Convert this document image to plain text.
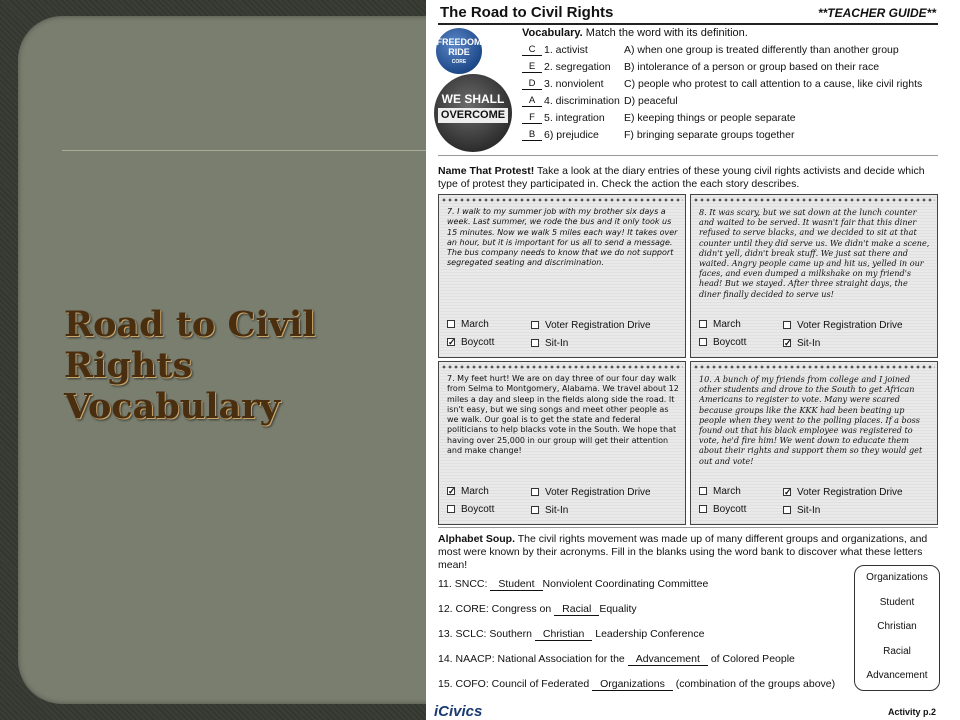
Road to Civil
Rights
Vocabulary
The Road to Civil Rights	**TEACHER GUIDE**
FREEDOM
RIDE
CORE
WE SHALL
OVERCOME
Vocabulary. Match the word with its definition.
C 1. activist	A) when one group is treated differently than another group
E 2. segregation B) intolerance of a person or group based on their race
D 3. nonviolent C) people who protest to call attention to a cause, like civil rights
A 4. discrimination D) peaceful
F 5. integration E) keeping things or people separate
B 6) prejudice F) bringing separate groups together
Name That Protest! Take a look at the diary entries of these young civil rights activists and decide which type of protest they participated in. Check the action the each story describes.
7. I walk to my summer job with my brother six days a week. Last summer, we rode the bus and it only took us 15 minutes. Now we walk 5 miles each way! It takes over an hour, but it is important for us all to send a message. The bus company needs to know that we do not support segregated seating and discrimination.
March
✓ Boycott
Voter Registration Drive
Sit-In
8. It was scary, but we sat down at the lunch counter and waited to be served. It wasn't fair that this diner refused to serve blacks, and we decided to sit at that counter until they did serve us. We didn't make a scene, didn't yell, didn't break stuff. We just sat there and waited. Angry people came up and hit us, yelled in our faces, and even dumped a milkshake on my friend's head! But we stayed. After three straight days, the diner finally decided to serve us!
March
Boycott
Voter Registration Drive
✓ Sit-In
7. My feet hurt! We are on day three of our four day walk from Selma to Montgomery, Alabama. We travel about 12 miles a day and sleep in the fields along side the road. It isn't easy, but we sing songs and meet other people as we walk. Our goal is to get the state and federal politicians to help blacks vote in the South. We hope that having over 25,000 in our group will get their attention and make change!
✓ March
Boycott
Voter Registration Drive
Sit-In
10. A bunch of my friends from college and I joined other students and drove to the South to get African Americans to register to vote. Many were scared because groups like the KKK had been beating up people when they went to the polling places. If a boss found out that his black employee was registered to vote, he'd fire him! We went down to educate them about their rights and support them so they would get out and vote!
March
Boycott
✓ Voter Registration Drive
Sit-In
Alphabet Soup. The civil rights movement was made up of many different groups and organizations, and most were known by their acronyms. Fill in the blanks using the word bank to discover what these letters mean!
11. SNCC: Student Nonviolent Coordinating Committee
12. CORE: Congress on Racial Equality
13. SCLC: Southern Christian Leadership Conference
14. NAACP: National Association for the Advancement of Colored People
15. COFO: Council of Federated Organizations (combination of the groups above)
Organizations
Student
Christian
Racial
Advancement
iCivics	Activity p.2
